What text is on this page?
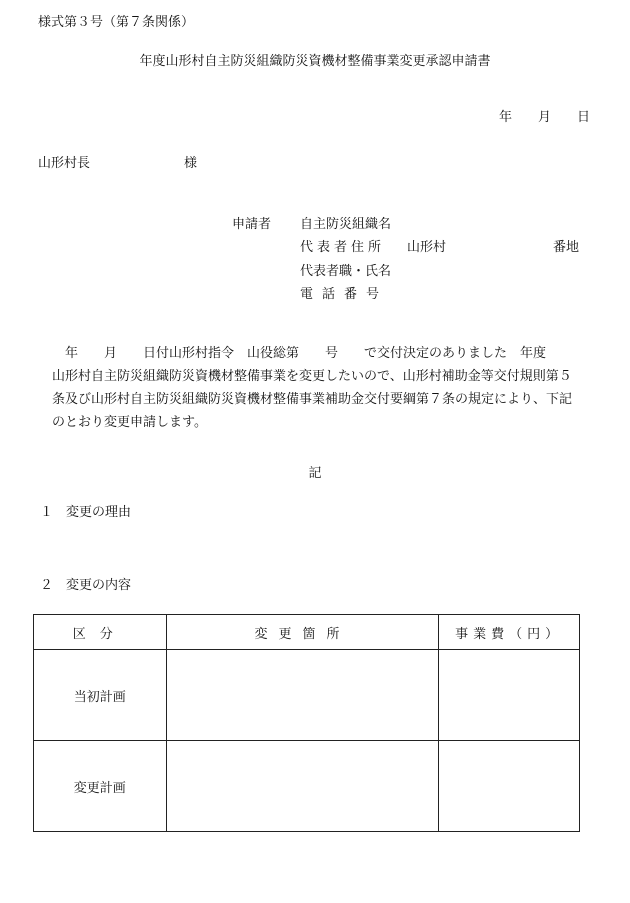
様式第３号（第７条関係）
年度山形村自主防災組織防災資機材整備事業変更承認申請書
年 月 日
山形村長	様
申請者 自主防災組織名
代表者住所 山形村	番地
代表者職・氏名
電話番号
　年　　月　　日付山形村指令　山役総第　　号　　で交付決定のありました　年度
山形村自主防災組織防災資機材整備事業を変更したいので、山形村補助金等交付規則第５
条及び山形村自主防災組織防災資機材整備事業補助金交付要綱第７条の規定により、下記
のとおり変更申請します。
記
１　変更の理由
２　変更の内容
区分	変更箇所	事業費（円）
当初計画		
変更計画		
